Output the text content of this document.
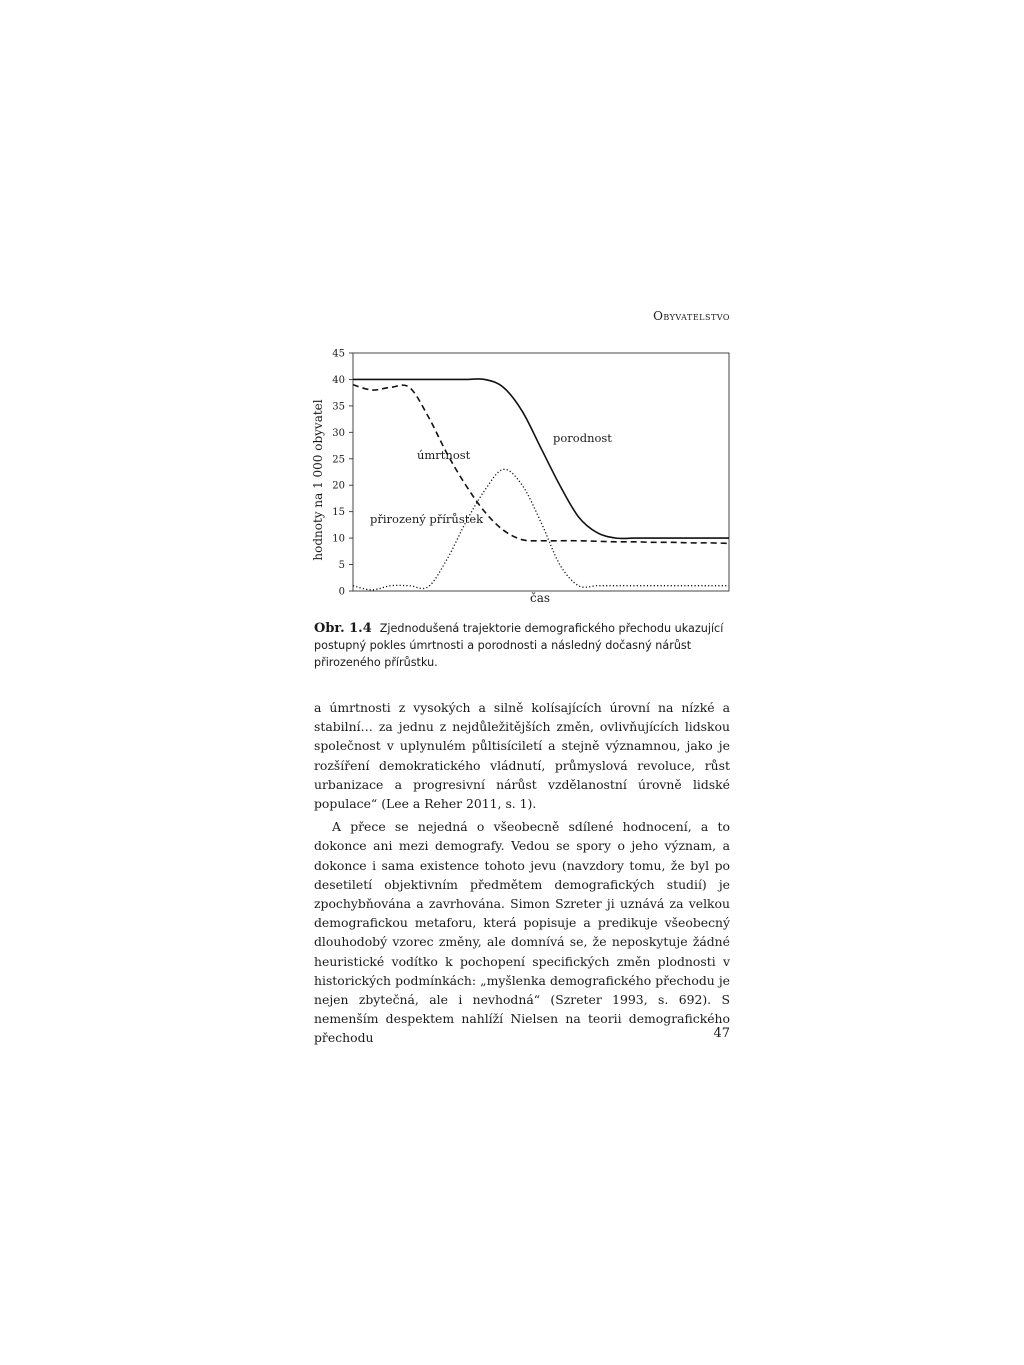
Obyvatelstvo
hodnoty na 1 000 obyvatel
čas
porodnost
úmrtnost
přirozený přírůstek
0
5
10
15
20
25
30
35
40
45
Obr. 1.4 Zjednodušená trajektorie demografického přechodu ukazující postupný pokles úmrtnosti a porodnosti a následný dočasný nárůst přirozeného přírůstku.

a úmrtnosti z vysokých a silně kolísajících úrovní na nízké a stabilní… za jednu z nejdůležitějších změn, ovlivňujících lidskou společnost v uplynulém půltisíciletí a stejně významnou, jako je rozšíření demokratického vládnutí, průmyslová revoluce, růst urbanizace a progresivní nárůst vzdělanostní úrovně lidské populace“ (Lee a Reher 2011, s. 1).

A přece se nejedná o všeobecně sdílené hodnocení, a to dokonce ani mezi demografy. Vedou se spory o jeho význam, a dokonce i sama existence tohoto jevu (navzdory tomu, že byl po desetiletí objektivním předmětem demografických studií) je zpochybňována a zavrhována. Simon Szreter ji uznává za velkou demografickou metaforu, která popisuje a predikuje všeobecný dlouhodobý vzorec změny, ale domnívá se, že neposkytuje žádné heuristické vodítko k pochopení specifických změn plodnosti v historických podmínkách: „myšlenka demografického přechodu je nejen zbytečná, ale i nevhodná“ (Szreter 1993, s. 692). S nemenším despektem nahlíží Nielsen na teorii demografického přechodu	47
